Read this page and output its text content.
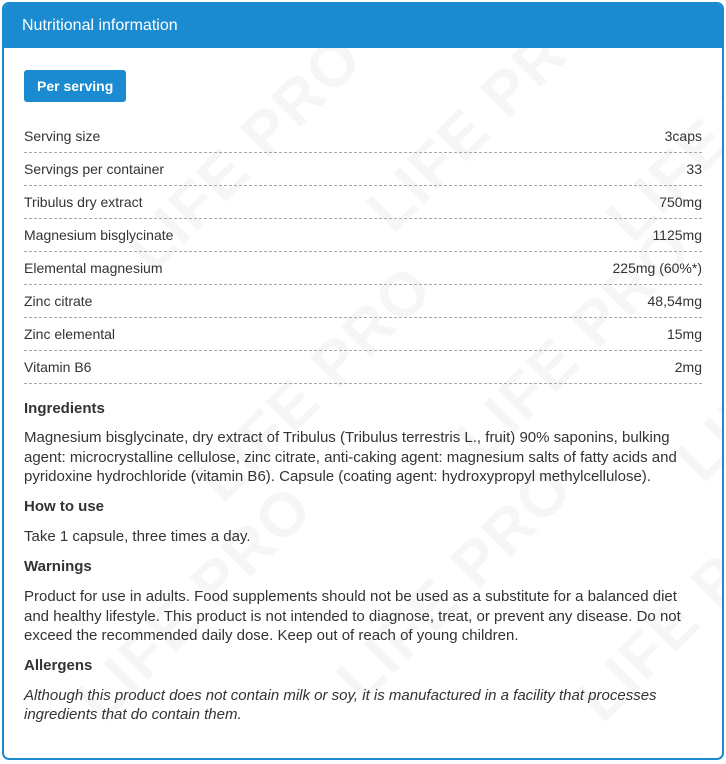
Nutritional information
Per serving
Serving size	3caps
Servings per container	33
Tribulus dry extract	750mg
Magnesium bisglycinate	1125mg
Elemental magnesium	225mg (60%*)
Zinc citrate	48,54mg
Zinc elemental	15mg
Vitamin B6	2mg
Ingredients

Magnesium bisglycinate, dry extract of Tribulus (Tribulus terrestris L., fruit) 90% saponins, bulking agent: microcrystalline cellulose, zinc citrate, anti-caking agent: magnesium salts of fatty acids and pyridoxine hydrochloride (vitamin B6). Capsule (coating agent: hydroxypropyl methylcellulose).

How to use

Take 1 capsule, three times a day.

Warnings

Product for use in adults. Food supplements should not be used as a substitute for a balanced diet and healthy lifestyle. This product is not intended to diagnose, treat, or prevent any disease. Do not exceed the recommended daily dose. Keep out of reach of young children.

Allergens

Although this product does not contain milk or soy, it is manufactured in a facility that processes ingredients that do contain them.
